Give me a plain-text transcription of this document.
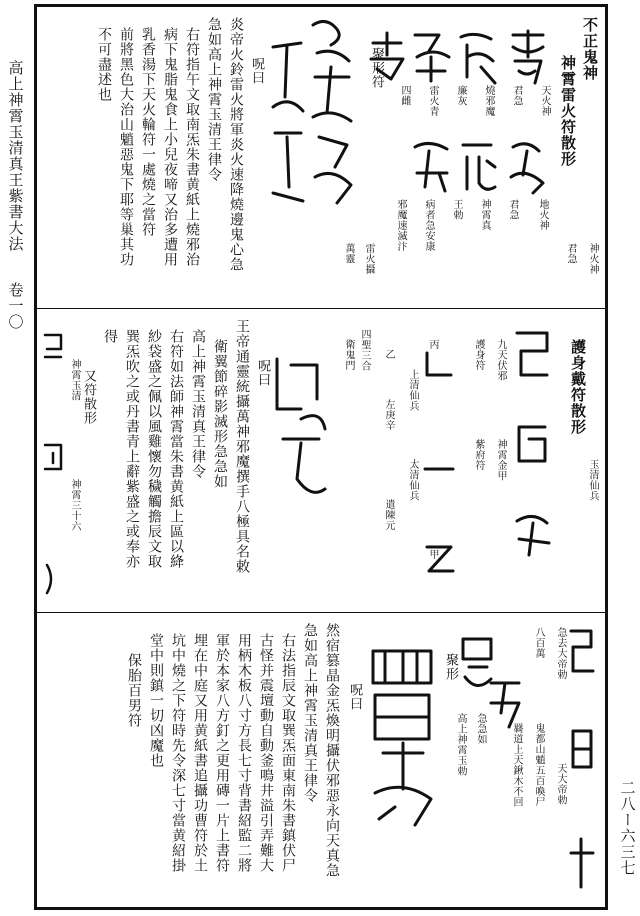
高上神霄玉清真王紫書大法
卷一〇
二八ー六三七
不正鬼神
神霄雷火符散形
天火神
君急
燒邪魔
廉灰
雷火青
四雌
地火神
君急
神霄真
王勅
病者急安康
邪魔速滅汴
神火神
君急
雷火攝
萬靈
聚形符
呪曰
炎帝火鈴雷火將軍炎火速降燒邊鬼心急
急如高上神霄玉清王律令
右符指午文取南炁朱書黄紙上燒邪治
病下鬼脂鬼食上小兒夜啼又治多遭用
乳香湯下天火輪符一處燒之當符
前將黑色大治山魈惡鬼下耶等巢其功
不可盡述也
護身戴符散形
九天伏邪
護身符
神霄金甲
紫府符
上清仙兵
太清仙兵	玉清仙兵
左庚辛
遣陳元
丙
甲
乙
四聖三合
衛鬼門
呪曰
王帝通靈統攝萬神邪魔撰手八極具名敕
衛翼節碎影滅形急急如
高上神霄玉清真王律令
右符如法師神霄當朱書黄紙上區以絳
紗袋盛之佩以風雞懷勿穢觸擔辰文取
巽炁吹之或丹書青上辭紫盛之或奉亦
得
又符散形
神霄玉清
神霄三十六
急去大帝勅
天大帝勅
八百萬
鬼都山魈五百喚尸
羇道上天鍬木不回
聚形
急急如
高上神霄玉勅
呪曰
然宿篡晶金炁煥明攝伏邪惡永向天真急
急如高上神霄玉清真王律令
右法指辰文取巽炁面東南朱書鎮伏尸
古怪并震壇動自動釜鳴井溢引弄難大
用柄木板八寸方長七寸背書紹監二將
軍於本家八方釘之更用磚一片上書符
埋在中庭又用黄紙書追攝功曹符於土
坑中燒之下符時先令深七寸當黄紹掛
堂中則鎮一切凶魔也
保胎百男符
